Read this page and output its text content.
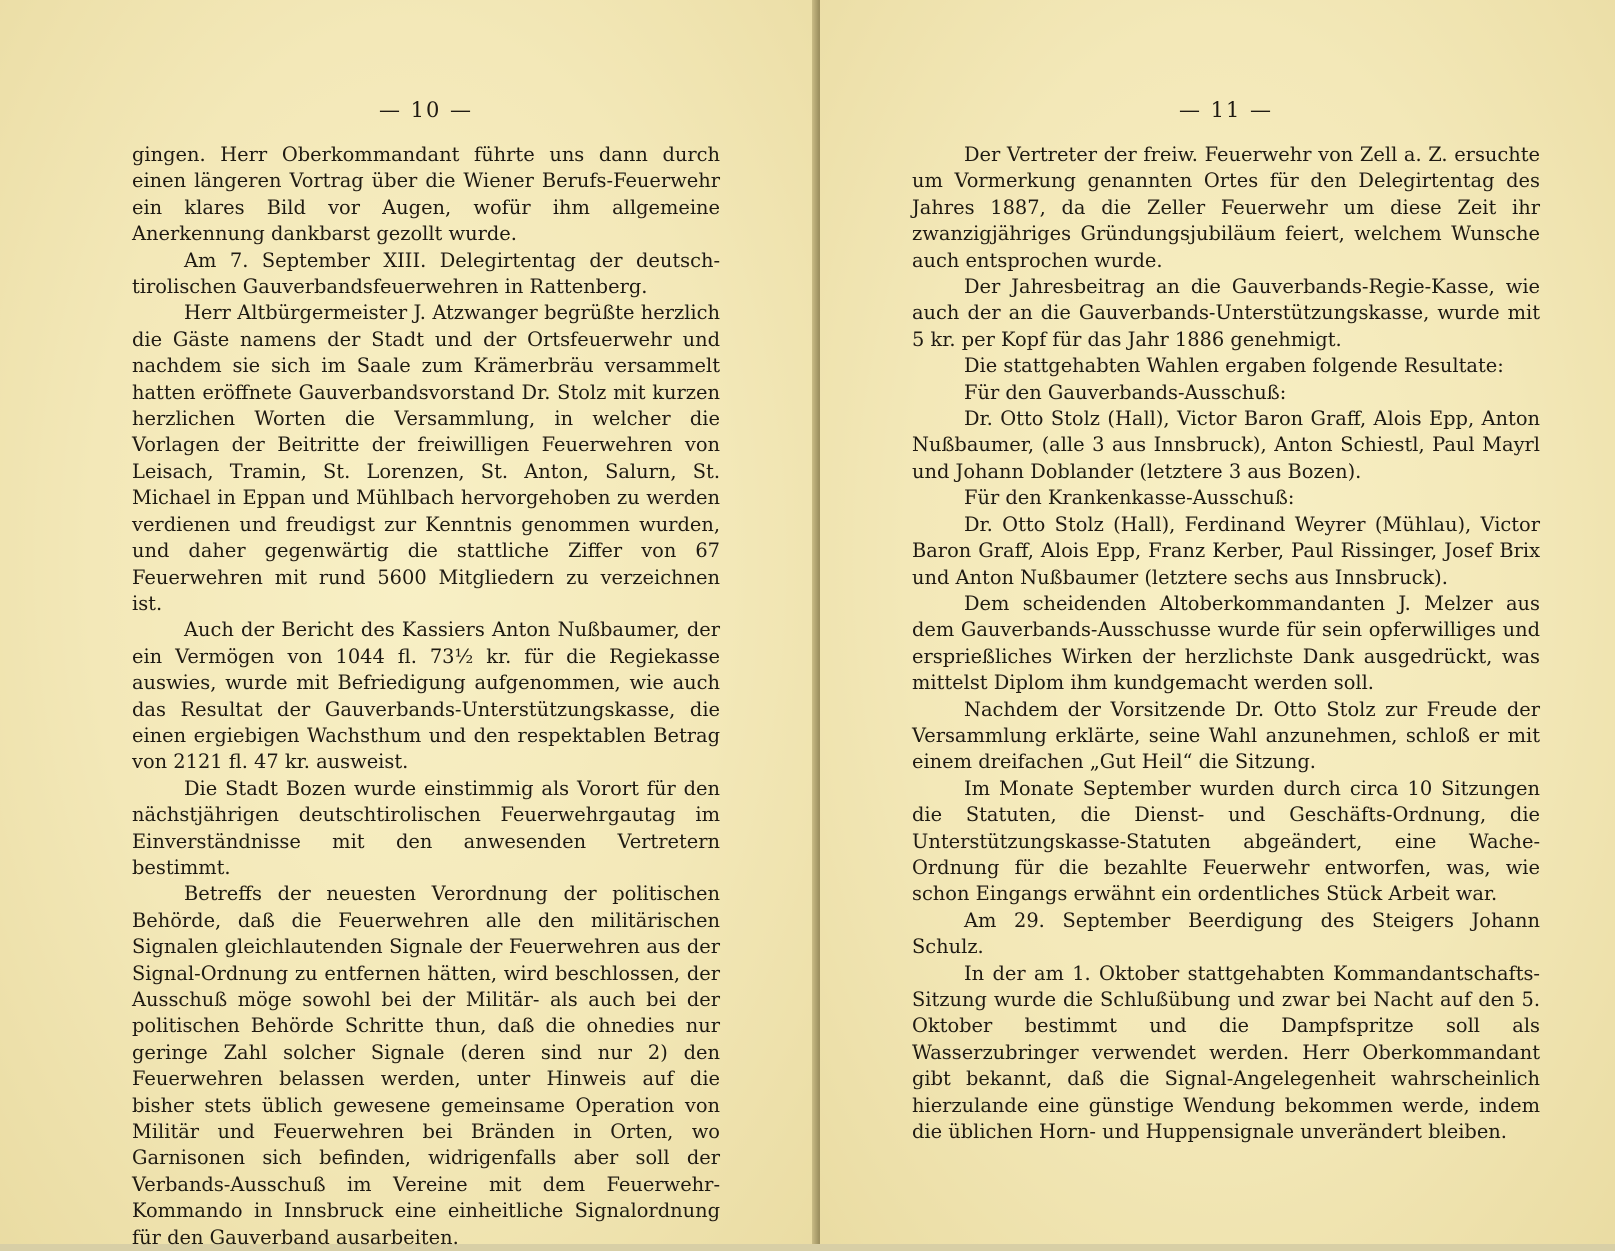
— 10 —

gingen. Herr Oberkommandant führte uns dann durch einen längeren Vortrag über die Wiener Berufs-Feuerwehr ein klares Bild vor Augen, wofür ihm allgemeine Anerkennung dankbarst gezollt wurde.

Am 7. September XIII. Delegirtentag der deutsch-tirolischen Gauverbandsfeuerwehren in Rattenberg.

Herr Altbürgermeister J. Atzwanger begrüßte herzlich die Gäste namens der Stadt und der Ortsfeuerwehr und nachdem sie sich im Saale zum Krämerbräu versammelt hatten eröffnete Gauverbandsvorstand Dr. Stolz mit kurzen herzlichen Worten die Versammlung, in welcher die Vorlagen der Beitritte der freiwilligen Feuerwehren von Leisach, Tramin, St. Lorenzen, St. Anton, Salurn, St. Michael in Eppan und Mühlbach hervorgehoben zu werden verdienen und freudigst zur Kenntnis genommen wurden, und daher gegenwärtig die stattliche Ziffer von 67 Feuerwehren mit rund 5600 Mitgliedern zu verzeichnen ist.

Auch der Bericht des Kassiers Anton Nußbaumer, der ein Vermögen von 1044 fl. 73½ kr. für die Regiekasse auswies, wurde mit Befriedigung aufgenommen, wie auch das Resultat der Gauverbands-Unterstützungskasse, die einen ergiebigen Wachsthum und den respektablen Betrag von 2121 fl. 47 kr. ausweist.

Die Stadt Bozen wurde einstimmig als Vorort für den nächstjährigen deutschtirolischen Feuerwehrgautag im Einverständnisse mit den anwesenden Vertretern bestimmt.

Betreffs der neuesten Verordnung der politischen Behörde, daß die Feuerwehren alle den militärischen Signalen gleichlautenden Signale der Feuerwehren aus der Signal-Ordnung zu entfernen hätten, wird beschlossen, der Ausschuß möge sowohl bei der Militär- als auch bei der politischen Behörde Schritte thun, daß die ohnedies nur geringe Zahl solcher Signale (deren sind nur 2) den Feuerwehren belassen werden, unter Hinweis auf die bisher stets üblich gewesene gemeinsame Operation von Militär und Feuerwehren bei Bränden in Orten, wo Garnisonen sich befinden, widrigenfalls aber soll der Verbands-Ausschuß im Vereine mit dem Feuerwehr-Kommando in Innsbruck eine einheitliche Signalordnung für den Gauverband ausarbeiten.

— 11 —

Der Vertreter der freiw. Feuerwehr von Zell a. Z. ersuchte um Vormerkung genannten Ortes für den Delegirtentag des Jahres 1887, da die Zeller Feuerwehr um diese Zeit ihr zwanzigjähriges Gründungsjubiläum feiert, welchem Wunsche auch entsprochen wurde.

Der Jahresbeitrag an die Gauverbands-Regie-Kasse, wie auch der an die Gauverbands-Unterstützungskasse, wurde mit 5 kr. per Kopf für das Jahr 1886 genehmigt.

Die stattgehabten Wahlen ergaben folgende Resultate:

Für den Gauverbands-Ausschuß:

Dr. Otto Stolz (Hall), Victor Baron Graff, Alois Epp, Anton Nußbaumer, (alle 3 aus Innsbruck), Anton Schiestl, Paul Mayrl und Johann Doblander (letztere 3 aus Bozen).

Für den Krankenkasse-Ausschuß:

Dr. Otto Stolz (Hall), Ferdinand Weyrer (Mühlau), Victor Baron Graff, Alois Epp, Franz Kerber, Paul Rissinger, Josef Brix und Anton Nußbaumer (letztere sechs aus Innsbruck).

Dem scheidenden Altoberkommandanten J. Melzer aus dem Gauverbands-Ausschusse wurde für sein opferwilliges und ersprießliches Wirken der herzlichste Dank ausgedrückt, was mittelst Diplom ihm kundgemacht werden soll.

Nachdem der Vorsitzende Dr. Otto Stolz zur Freude der Versammlung erklärte, seine Wahl anzunehmen, schloß er mit einem dreifachen „Gut Heil“ die Sitzung.

Im Monate September wurden durch circa 10 Sitzungen die Statuten, die Dienst- und Geschäfts-Ordnung, die Unterstützungskasse-Statuten abgeändert, eine Wache-Ordnung für die bezahlte Feuerwehr entworfen, was, wie schon Eingangs erwähnt ein ordentliches Stück Arbeit war.

Am 29. September Beerdigung des Steigers Johann Schulz.

In der am 1. Oktober stattgehabten Kommandantschafts-Sitzung wurde die Schlußübung und zwar bei Nacht auf den 5. Oktober bestimmt und die Dampfspritze soll als Wasserzubringer verwendet werden. Herr Oberkommandant gibt bekannt, daß die Signal-Angelegenheit wahrscheinlich hierzulande eine günstige Wendung bekommen werde, indem die üblichen Horn- und Huppensignale unverändert bleiben.
